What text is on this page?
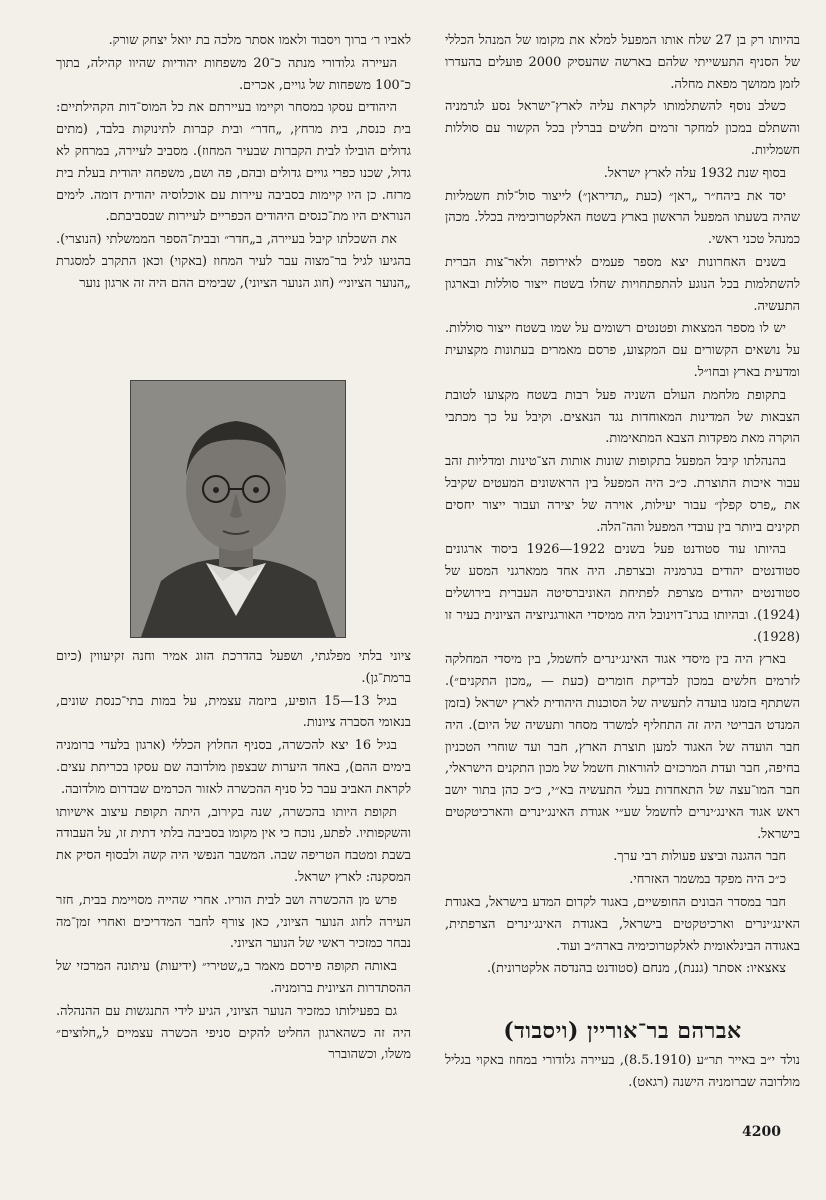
בהיותו רק בן 27 שלח אותו המפעל למלא את מקומו של המנהל הכללי של הסניף התעשייתי שלהם בארשה שהעסיק 2000 פועלים בהעדרו לזמן ממושך מפאת מחלה.

כשלב נוסף להשתלמותו לקראת עליה לארץ־ישראל נסע לגרמניה והשתלם במכון למחקר זרמים חלשים בברלין בכל הקשור עם סוללות חשמליות.

בסוף שנת 1932 עלה לארץ ישראל.

יסד את ביהח״ר „ראן״ (כעת „תדיראן״) לייצור סול־לות חשמליות שהיה בשעתו המפעל הראשון בארץ בשטח האלקטרוכימיה בכלל. מכהן כמנהל טכני ראשי.

בשנים האחרונות יצא מספר פעמים לאירופה ולאר־צות הברית להשתלמות בכל הנוגע להתפתחויות שחלו בשטח ייצור סוללות ובארגון התעשיה.

יש לו מספר המצאות ופטנטים רשומים על שמו בשטח ייצור סוללות. על נושאים הקשורים עם המקצוע, פרסם מאמרים בעתונות מקצועית ומדעית בארץ ובחו״ל.

בתקופת מלחמת העולם השניה פעל רבות בשטח מקצועו לטובת הצבאות של המדינות המאוחדות נגד הנאצים. וקיבל על כך מכתבי הוקרה מאת מפקדות הצבא המתאימות.

בהנהלתו קיבל המפעל בתקופות שונות אותות הצ־טינות ומדליות זהב עבור איכות התוצרת. כ״כ היה המפעל בין הראשונים המעטים שקיבל את „פרס קפלן״ עבור יעילות, אוירה של יצירה ועבור ייצור יחסים תקינים ביותר בין עובדי המפעל והה־הלה.

בהיותו עוד סטודנט פעל בשנים 1922—1926 ביסוד ארגונים סטודנטים יהודים בגרמניה ובצרפת. היה אחד ממארגני המסע של סטודנטים יהודים מצרפת לפתיחת האוניברסיטה העברית בירושלים (1924). ובהיותו בגרנ־דוינובל היה ממיסדי האורגניזציה הציונית בעיר זו (1928).

בארץ היה בין מיסדי אגוד האינג׳ינרים לחשמל, בין מיסדי המחלקה לזרמים חלשים במכון לבדיקת חומרים (כעת — „מכון התקנים״). השתתף בזמנו בועדה לתעשיה של הסוכנות היהודית לארץ ישראל (בזמן המנדט הבריטי היה זה התחליף למשרד מסחר ותעשיה של היום). היה חבר הועדה של האגוד למען תוצרת הארץ, חבר ועד שוחרי הטכניון בחיפה, חבר ועדת המרכזים להוראות חשמל של מכון התקנים הישראלי, חבר המו־עצה של התאחדות בעלי התעשיה בא״י, כ״כ כהן בתור יושב ראש אגוד האינג׳ינרים לחשמל שע״י אגודת האינג׳ינרים והארכיטקטים בישראל.

חבר ההגנה וביצע פעולות רבי ערך.

כ״כ היה מפקד במשמר האזרחי.

חבר במסדר הבונים החופשיים, באגוד לקדום המדע בישראל, באגודת האינג׳ינרים וארכיטקטים בישראל, באגודת האינג׳ינרים הצרפתית, באגודה הבינלאומית לאלקטרוכימיה בארה״ב ועוד.

צאצאיו: אסתר (גננת), מנחם (סטודנט בהנדסה אלקטרונית).

לאביו ר׳ ברוך ויסבוד ולאמו אסתר מלכה בת יואל יצחק שורק.

העיירה גלודורי מנתה כ־20 משפחות יהודיות שהיוו קהילה, בתוך כ־100 משפחות של גויים, אכרים.

היהודים עסקו במסחר וקיימו בעיירתם את כל המוס־דות הקהילתיים: בית כנסת, בית מרחץ, „חדר״ ובית קברות לתינוקות בלבד, (מתים גדולים הובילו לבית הקברות שבעיר המחוז). מסביב לעיירה, במרחק לא גדול, שכנו כפרי גויים גדולים ובהם, פה ושם, משפחה יהודית בעלת בית מרזח. כן היו קיימות בסביבה עיירות עם אוכלוסיה יהודית דומה. לימים הנוראים היו מת־כנסים היהודים הכפריים לעיירות שבסביבתם.

את השכלתו קיבל בעיירה, ב„חדר״ ובבית־הספר הממשלתי (הנוצרי). בהגיעו לגיל בר־מצוה עבר לעיר המחוז (באקוי) וכאן התקרב למסגרת „הנוער הציוני״ (חוג הנוער הציוני), שבימים ההם היה זה ארגון נוער

ציוני בלתי מפלגתי, ושפעל בהדרכת הזוג אמיר וחנה זקיעווין (כיום ברמת־גן).

בגיל 13—15 הופיע, ביזמה עצמית, על במות בתי־כנסת שונים, בנאומי הסברה ציונות.

בגיל 16 יצא להכשרה, בסניף החלוץ הכללי (ארגון בלעדי ברומניה בימים ההם), באחד היערות שבצפון מולדובה שם עסקו בכריתת עצים. לקראת האביב עבר כל סניף ההכשרה לאזור הכרמים שבדרום מולדובה.

תקופת היותו בהכשרה, שנה בקירוב, היתה תקופת עיצוב אישיותו והשקפותיו. לפתע, נוכח כי אין מקומו בסביבה בלתי דתית זו, על העבודה בשבת ומטבח הטריפה שבה. המשבר הנפשי היה קשה ולבסוף הסיק את המסקנה: לארץ ישראל.

פרש מן ההכשרה ושב לבית הוריו. אחרי שהייה מסויימת בבית, חזר העירה לחוג הנוער הציוני, כאן צורף לחבר המדריכים ואחרי זמן־מה נבחר כמזכיר ראשי של הנוער הציוני.

באותה תקופה פירסם מאמר ב„שטירי״ (ידיעות) עיתונה המרכזי של ההסתדרות הציונית ברומניה.

גם בפעילותו כמזכיר הנוער הציוני, הגיע לידי התנגשות עם ההנהלה. היה זה כשהארגון החליט להקים סניפי הכשרה עצמיים ל„חלוצים״ משלו, וכשהוברר

אברהם בר־אוריין (ויסבוד)

נולד י״ב באייר תר״ע (8.5.1910), בעיירה גלודורי במחוז באקוי בגליל מולדובה שברומניה הישנה (רגאט).

4200
